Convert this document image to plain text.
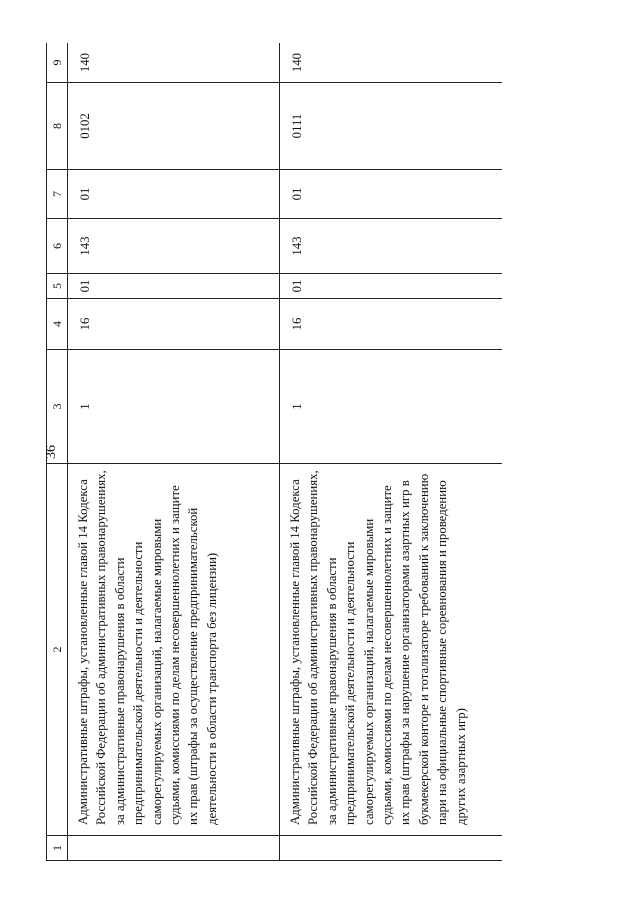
36
1	2	3	4	5	6	7	8	9
	Административные штрафы, установленные главой 14 Кодекса Российской Федерации об административных правонарушениях, за административные правонарушения в области предпринимательской деятельности и деятельности саморегулируемых организаций, налагаемые мировыми судьями, комиссиями по делам несовершеннолетних и защите их прав (штрафы за осуществление предпринимательской деятельности в области транспорта без лицензии)	1	16	01	143	01	0102	140
	Административные штрафы, установленные главой 14 Кодекса Российской Федерации об административных правонарушениях, за административные правонарушения в области предпринимательской деятельности и деятельности саморегулируемых организаций, налагаемые мировыми судьями, комиссиями по делам несовершеннолетних и защите их прав (штрафы за нарушение организаторами азартных игр в букмекерской конторе и тотализаторе требований к заключению пари на официальные спортивные соревнования и проведению других азартных игр)	1	16	01	143	01	0111	140
